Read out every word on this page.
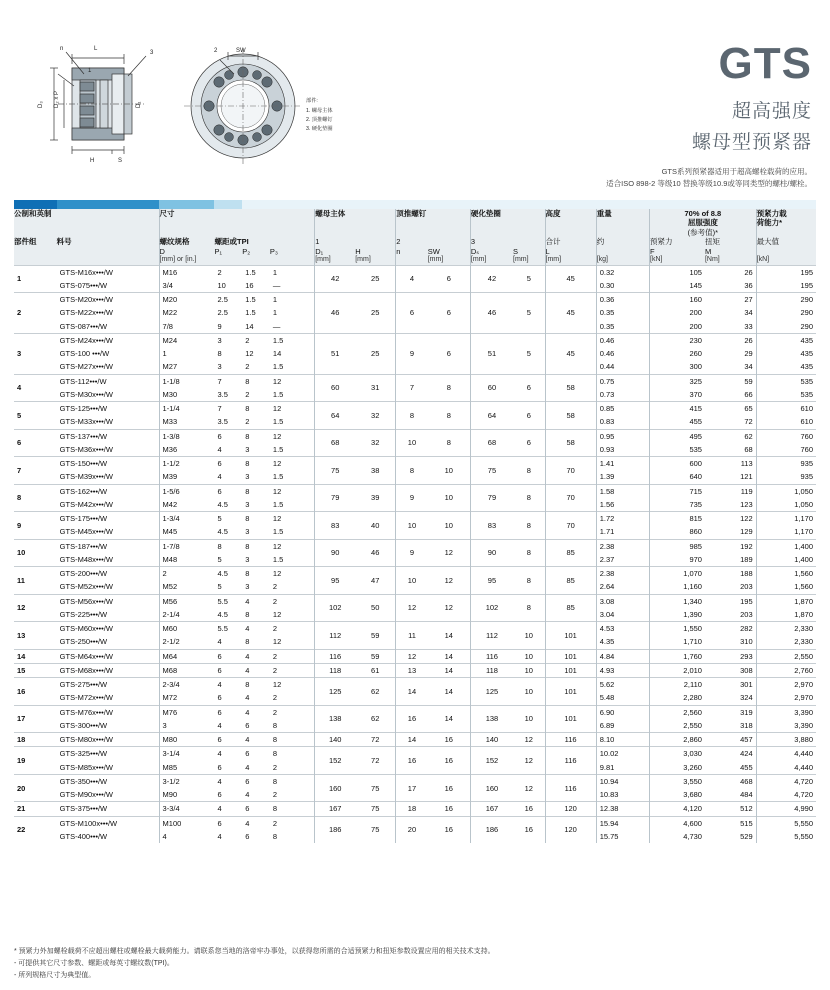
n	L
1
3
D₃ D₂ x P	D₁
H	S
2	SW
部件:
1. 螺母主体
2. 顶推螺钉
3. 硬化垫圈
GTS
超高强度
螺母型预紧器
GTS系列预紧器适用于超高螺栓载荷的应用。
适合ISO 898-2 等级10 替换等级10.9或等同类型的螺柱/螺栓。

公制和英制	尺寸	螺母主体	顶推螺钉	硬化垫圈	高度	重量	70% of 8.8
屈服强度
(参考值)*

预紧力载
荷能力*

部件组	料号	螺纹规格	螺距或TPI			1		2		3		合计	约	预紧力	扭矩	最大值
		D	P₁	P₂	P₃	D₁	H	n	SW	Dₛ	S	L		F	M	
		[mm] or [in.]				[mm]	[mm]		[mm]	[mm]	[mm]	[mm]	[kg]	[kN]	[Nm]	[kN]
1	GTS-M16x•••/W	M16	2	1.5	1	42	25	4	6	42	5	45	0.32	105	26	195
	GTS-075•••/W	3/4	10	16	—								0.30	145	36	195
2	GTS-M20x•••/W	M20	2.5	1.5	1	46	25	6	6	46	5	45	0.36	160	27	290
	GTS-M22x•••/W	M22	2.5	1.5	1								0.35	200	34	290
	GTS-087•••/W	7/8	9	14	—								0.35	200	33	290
3	GTS-M24x•••/W	M24	3	2	1.5	51	25	9	6	51	5	45	0.46	230	26	435
	GTS-100 •••/W	1	8	12	14								0.46	260	29	435
	GTS-M27x•••/W	M27	3	2	1.5								0.44	300	34	435
4	GTS-112•••/W	1-1/8	7	8	12	60	31	7	8	60	6	58	0.75	325	59	535
	GTS-M30x•••/W	M30	3.5	2	1.5								0.73	370	66	535
5	GTS-125•••/W	1-1/4	7	8	12	64	32	8	8	64	6	58	0.85	415	65	610
	GTS-M33x•••/W	M33	3.5	2	1.5								0.83	455	72	610
6	GTS-137•••/W	1-3/8	6	8	12	68	32	10	8	68	6	58	0.95	495	62	760
	GTS-M36x•••/W	M36	4	3	1.5								0.93	535	68	760
7	GTS-150•••/W	1-1/2	6	8	12	75	38	8	10	75	8	70	1.41	600	113	935
	GTS-M39x•••/W	M39	4	3	1.5								1.39	640	121	935
8	GTS-162•••/W	1-5/6	6	8	12	79	39	9	10	79	8	70	1.58	715	119	1,050
	GTS-M42x•••/W	M42	4.5	3	1.5								1.56	735	123	1,050
9	GTS-175•••/W	1-3/4	5	8	12	83	40	10	10	83	8	70	1.72	815	122	1,170
	GTS-M45x•••/W	M45	4.5	3	1.5								1.71	860	129	1,170
10	GTS-187•••/W	1-7/8	8	8	12	90	46	9	12	90	8	85	2.38	985	192	1,400
	GTS-M48x•••/W	M48	5	3	1.5								2.37	970	189	1,400
11	GTS-200•••/W	2	4.5	8	12	95	47	10	12	95	8	85	2.38	1,070	188	1,560
	GTS-M52x•••/W	M52	5	3	2								2.64	1,160	203	1,560
12	GTS-M56x•••/W	M56	5.5	4	2	102	50	12	12	102	8	85	3.08	1,340	195	1,870
	GTS-225•••/W	2-1/4	4.5	8	12								3.04	1,390	203	1,870
13	GTS-M60x•••/W	M60	5.5	4	2	112	59	11	14	112	10	101	4.53	1,550	282	2,330
	GTS-250•••/W	2-1/2	4	8	12								4.35	1,710	310	2,330
14	GTS-M64x•••/W	M64	6	4	2	116	59	12	14	116	10	101	4.84	1,760	293	2,550
15	GTS-M68x•••/W	M68	6	4	2	118	61	13	14	118	10	101	4.93	2,010	308	2,760
16	GTS-275•••/W	2-3/4	4	8	12	125	62	14	14	125	10	101	5.62	2,110	301	2,970
	GTS-M72x•••/W	M72	6	4	2								5.48	2,280	324	2,970
17	GTS-M76x•••/W	M76	6	4	2	138	62	16	14	138	10	101	6.90	2,560	319	3,390
	GTS-300•••/W	3	4	6	8								6.89	2,550	318	3,390
18	GTS-M80x•••/W	M80	6	4	8	140	72	14	16	140	12	116	8.10	2,860	457	3,880
19	GTS-325•••/W	3-1/4	4	6	8	152	72	16	16	152	12	116	10.02	3,030	424	4,440
	GTS-M85x•••/W	M85	6	4	2								9.81	3,260	455	4,440
20	GTS-350•••/W	3-1/2	4	6	8	160	75	17	16	160	12	116	10.94	3,550	468	4,720
	GTS-M90x•••/W	M90	6	4	2								10.83	3,680	484	4,720
21	GTS-375•••/W	3-3/4	4	6	8	167	75	18	16	167	16	120	12.38	4,120	512	4,990
22	GTS-M100x•••/W	M100	6	4	2	186	75	20	16	186	16	120	15.94	4,600	515	5,550
	GTS-400•••/W	4	4	6	8								15.75	4,730	529	5,550
* 预紧力外加螺栓载荷不应超出螺柱或螺栓最大载荷能力。请联系您当地的洛帝牢办事处，以获得您所需的合适预紧力和扭矩参数设置应用的相关技术支持。
- 可提供其它尺寸参数、螺距或每英寸螺纹数(TPI)。
- 所列规格尺寸为典型值。
